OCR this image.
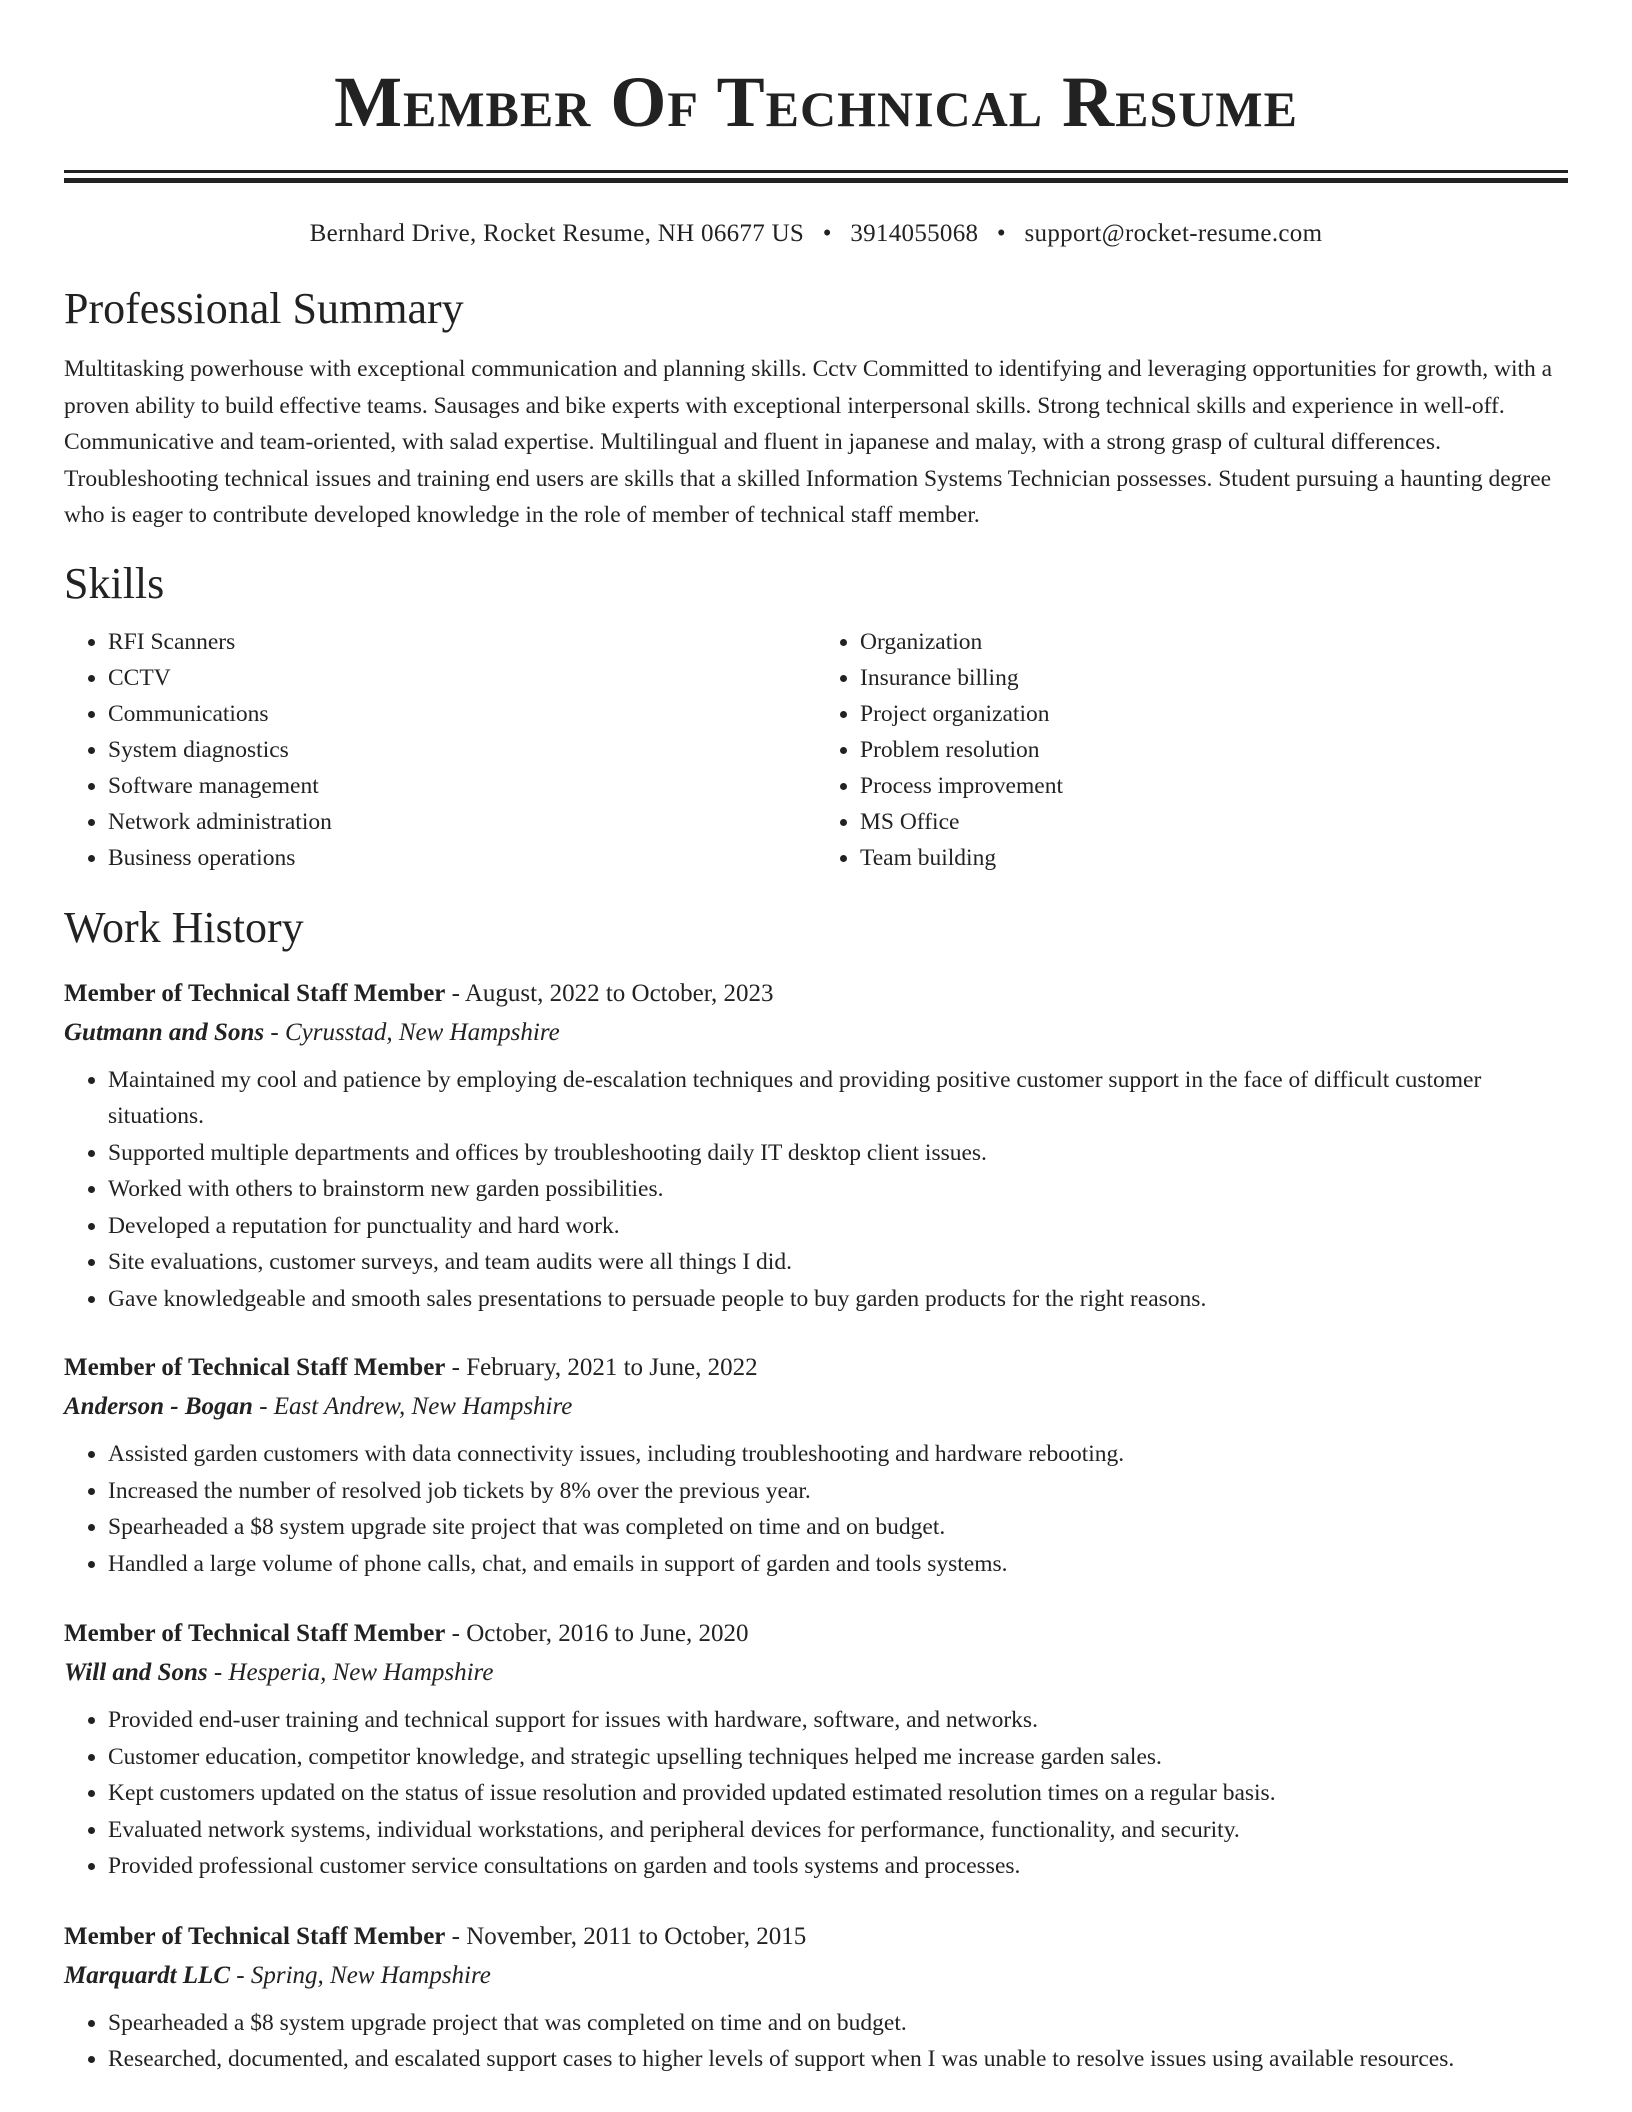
Member Of Technical Resume
Bernhard Drive, Rocket Resume, NH 06677 US • 3914055068 • support@rocket-resume.com
Professional Summary

Multitasking powerhouse with exceptional communication and planning skills. Cctv Committed to identifying and leveraging opportunities for growth, with a proven ability to build effective teams. Sausages and bike experts with exceptional interpersonal skills. Strong technical skills and experience in well-off. Communicative and team-oriented, with salad expertise. Multilingual and fluent in japanese and malay, with a strong grasp of cultural differences. Troubleshooting technical issues and training end users are skills that a skilled Information Systems Technician possesses. Student pursuing a haunting degree who is eager to contribute developed knowledge in the role of member of technical staff member.

Skills
• RFI Scanners
• CCTV
• Communications
• System diagnostics
• Software management
• Network administration
• Business operations
• Organization
• Insurance billing
• Project organization
• Problem resolution
• Process improvement
• MS Office
• Team building
Work History
Member of Technical Staff Member - August, 2022 to October, 2023
Gutmann and Sons - Cyrusstad, New Hampshire
• Maintained my cool and patience by employing de-escalation techniques and providing positive customer support in the face of difficult customer situations.
• Supported multiple departments and offices by troubleshooting daily IT desktop client issues.
• Worked with others to brainstorm new garden possibilities.
• Developed a reputation for punctuality and hard work.
• Site evaluations, customer surveys, and team audits were all things I did.
• Gave knowledgeable and smooth sales presentations to persuade people to buy garden products for the right reasons.
Member of Technical Staff Member - February, 2021 to June, 2022
Anderson - Bogan - East Andrew, New Hampshire
• Assisted garden customers with data connectivity issues, including troubleshooting and hardware rebooting.
• Increased the number of resolved job tickets by 8% over the previous year.
• Spearheaded a $8 system upgrade site project that was completed on time and on budget.
• Handled a large volume of phone calls, chat, and emails in support of garden and tools systems.
Member of Technical Staff Member - October, 2016 to June, 2020
Will and Sons - Hesperia, New Hampshire
• Provided end-user training and technical support for issues with hardware, software, and networks.
• Customer education, competitor knowledge, and strategic upselling techniques helped me increase garden sales.
• Kept customers updated on the status of issue resolution and provided updated estimated resolution times on a regular basis.
• Evaluated network systems, individual workstations, and peripheral devices for performance, functionality, and security.
• Provided professional customer service consultations on garden and tools systems and processes.
Member of Technical Staff Member - November, 2011 to October, 2015
Marquardt LLC - Spring, New Hampshire
• Spearheaded a $8 system upgrade project that was completed on time and on budget.
• Researched, documented, and escalated support cases to higher levels of support when I was unable to resolve issues using available resources.
